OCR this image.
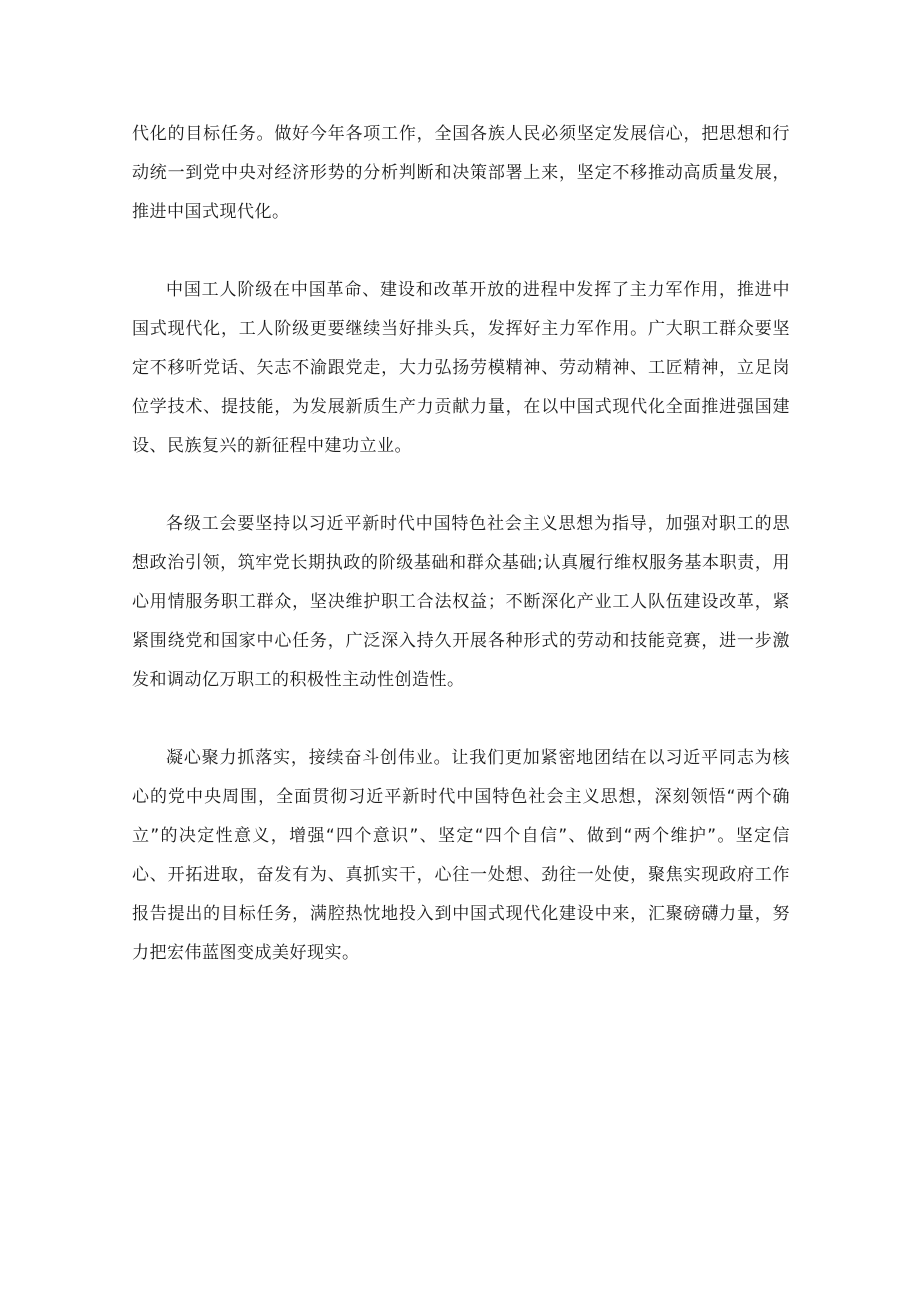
代化的目标任务。做好今年各项工作，全国各族人民必须坚定发展信心，把思想和行动统一到党中央对经济形势的分析判断和决策部署上来，坚定不移推动高质量发展，推进中国式现代化。

中国工人阶级在中国革命、建设和改革开放的进程中发挥了主力军作用，推进中国式现代化，工人阶级更要继续当好排头兵，发挥好主力军作用。广大职工群众要坚定不移听党话、矢志不渝跟党走，大力弘扬劳模精神、劳动精神、工匠精神，立足岗位学技术、提技能，为发展新质生产力贡献力量，在以中国式现代化全面推进强国建设、民族复兴的新征程中建功立业。

各级工会要坚持以习近平新时代中国特色社会主义思想为指导，加强对职工的思想政治引领，筑牢党长期执政的阶级基础和群众基础;认真履行维权服务基本职责，用心用情服务职工群众，坚决维护职工合法权益；不断深化产业工人队伍建设改革，紧紧围绕党和国家中心任务，广泛深入持久开展各种形式的劳动和技能竞赛，进一步激发和调动亿万职工的积极性主动性创造性。

凝心聚力抓落实，接续奋斗创伟业。让我们更加紧密地团结在以习近平同志为核心的党中央周围，全面贯彻习近平新时代中国特色社会主义思想，深刻领悟“两个确立”的决定性意义，增强“四个意识”、坚定“四个自信”、做到“两个维护”。坚定信心、开拓进取，奋发有为、真抓实干，心往一处想、劲往一处使，聚焦实现政府工作报告提出的目标任务，满腔热忱地投入到中国式现代化建设中来，汇聚磅礴力量，努力把宏伟蓝图变成美好现实。
